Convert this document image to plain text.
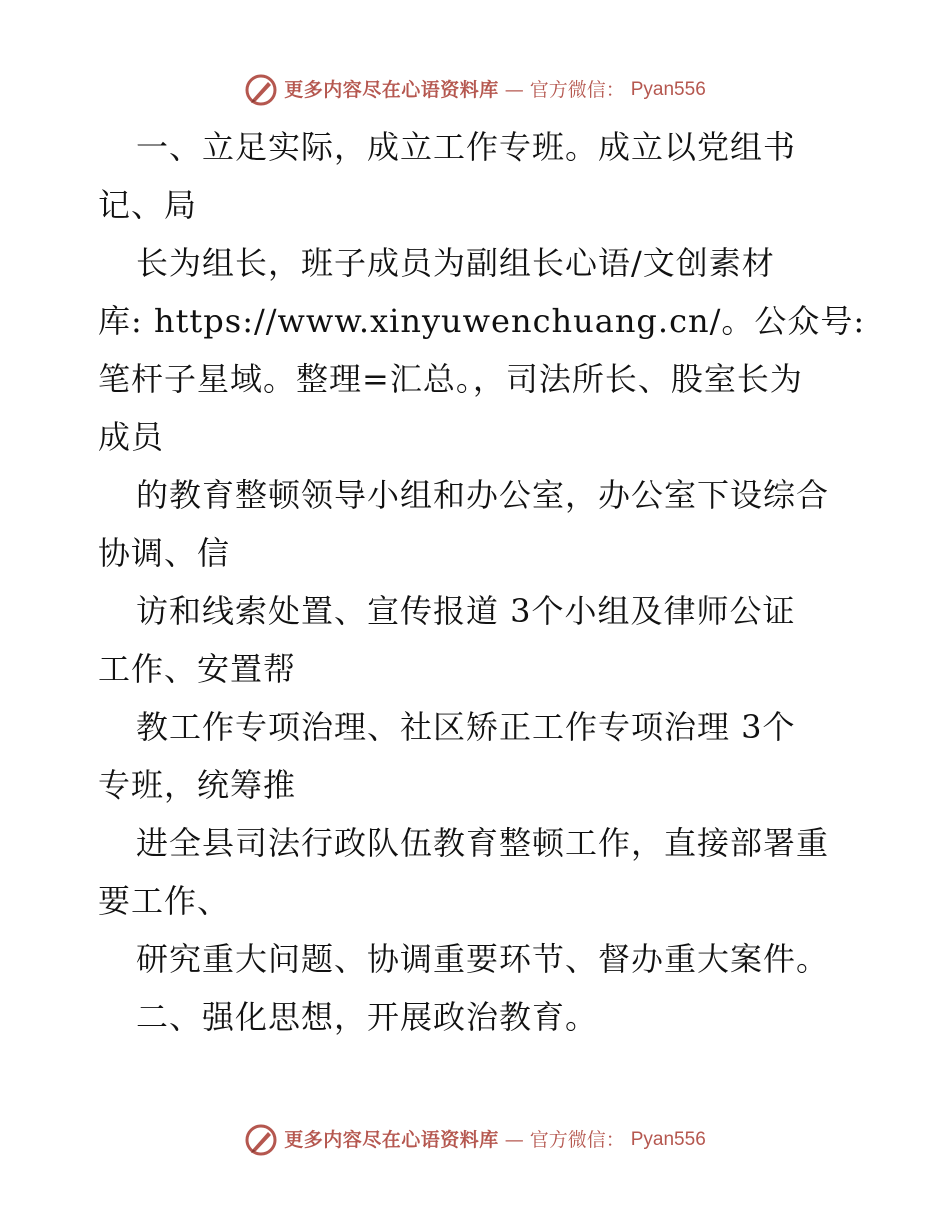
更多内容尽在心语资料库 — 官方微信： Pyan556
一、立足实际，成立工作专班。成立以党组书
记、局
长为组长，班子成员为副组长心语/文创素材
库: https://www.xinyuwenchuang.cn/。公众号:
笔杆子星域。整理=汇总。，司法所长、股室长为
成员
的教育整顿领导小组和办公室，办公室下设综合
协调、信
访和线索处置、宣传报道 3个小组及律师公证
工作、安置帮
教工作专项治理、社区矫正工作专项治理 3个
专班，统筹推
进全县司法行政队伍教育整顿工作，直接部署重
要工作、
研究重大问题、协调重要环节、督办重大案件。
二、强化思想，开展政治教育。
更多内容尽在心语资料库 — 官方微信： Pyan556
